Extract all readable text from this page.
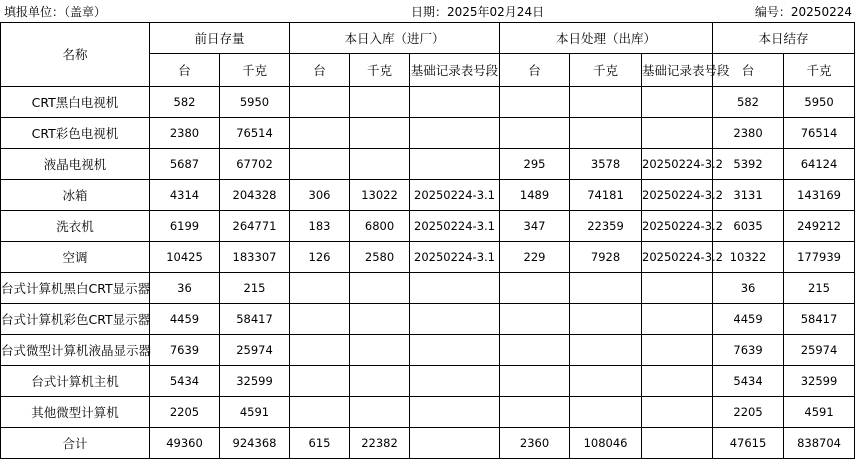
填报单位：（盖章）	日期：2025年02月24日	编号：20250224
名称	前日存量		本日入库（进厂）			本日处理（出库）			本日结存	
	台	千克	台	千克	基础记录表号段	台	千克	基础记录表号段	台	千克
CRT黑白电视机	582	5950							582	5950
CRT彩色电视机	2380	76514							2380	76514
液晶电视机	5687	67702				295	3578	20250224-3.2	5392	64124
冰箱	4314	204328	306	13022	20250224-3.1	1489	74181	20250224-3.2	3131	143169
洗衣机	6199	264771	183	6800	20250224-3.1	347	22359	20250224-3.2	6035	249212
空调	10425	183307	126	2580	20250224-3.1	229	7928	20250224-3.2	10322	177939
台式计算机黑白CRT显示器	36	215							36	215
台式计算机彩色CRT显示器	4459	58417							4459	58417
台式微型计算机液晶显示器	7639	25974							7639	25974
台式计算机主机	5434	32599							5434	32599
其他微型计算机	2205	4591							2205	4591
合计	49360	924368	615	22382		2360	108046		47615	838704
